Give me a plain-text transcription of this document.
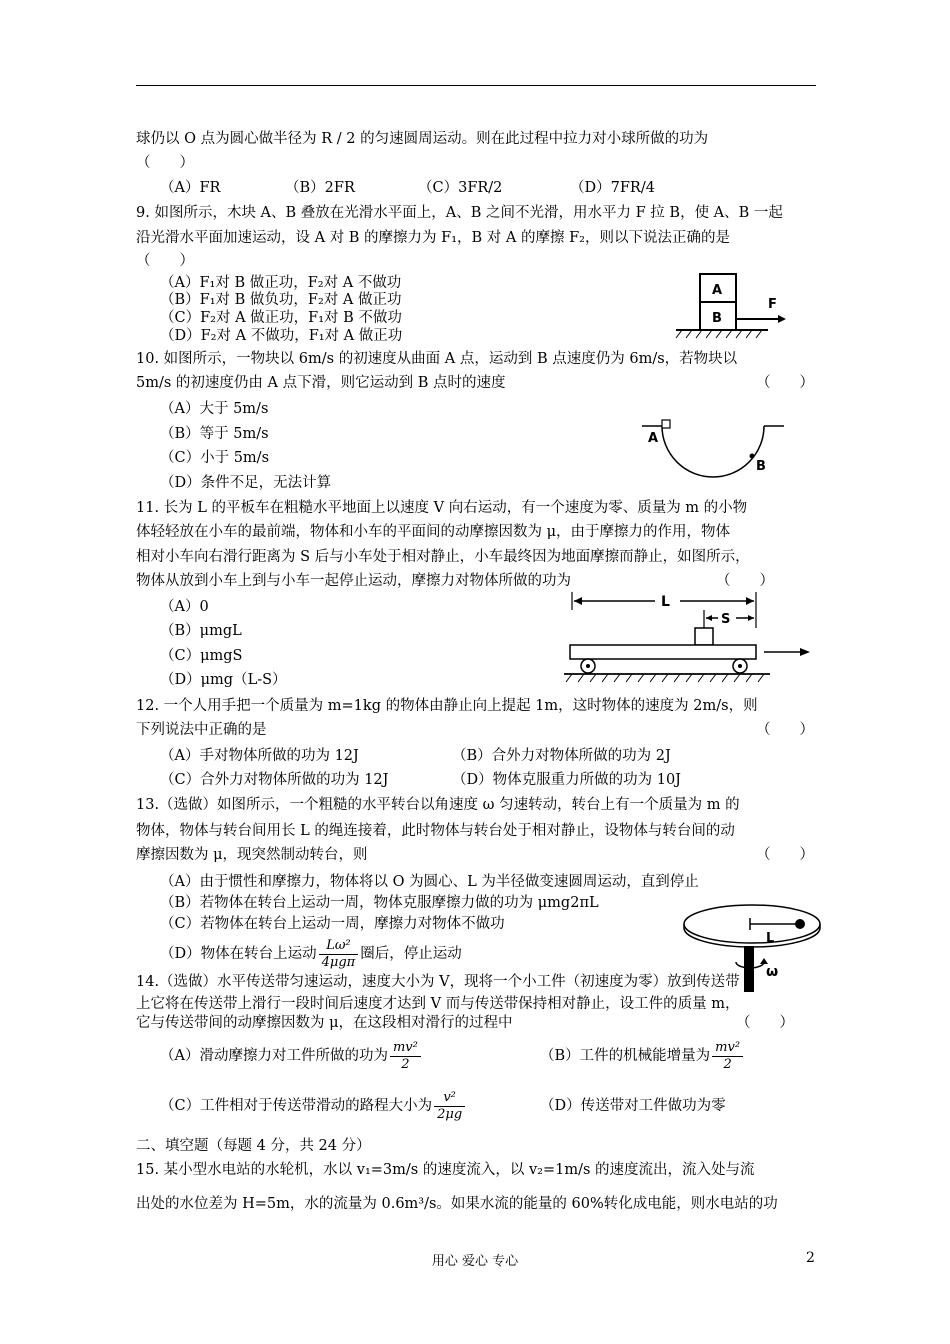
球仍以 O 点为圆心做半径为 R / 2 的匀速圆周运动。则在此过程中拉力对小球所做的功为
（　　）
（A）FR	（B）2FR	（C）3FR/2	（D）7FR/4
9. 如图所示，木块 A、B 叠放在光滑水平面上，A、B 之间不光滑，用水平力 F 拉 B，使 A、B 一起
沿光滑水平面加速运动，设 A 对 B 的摩擦力为 F₁，B 对 A 的摩擦 F₂，则以下说法正确的是
（　　）
（A）F₁对 B 做正功，F₂对 A 不做功
（B）F₁对 B 做负功，F₂对 A 做正功
（C）F₂对 A 做正功，F₁对 B 不做功
（D）F₂对 A 不做功，F₁对 A 做正功
A
B
F
10. 如图所示，一物块以 6m/s 的初速度从曲面 A 点，运动到 B 点速度仍为 6m/s，若物块以
5m/s 的初速度仍由 A 点下滑，则它运动到 B 点时的速度	（　　）
（A）大于 5m/s
（B）等于 5m/s
（C）小于 5m/s
（D）条件不足，无法计算
A
B
11. 长为 L 的平板车在粗糙水平地面上以速度 V 向右运动，有一个速度为零、质量为 m 的小物
体轻轻放在小车的最前端，物体和小车的平面间的动摩擦因数为 μ，由于摩擦力的作用，物体
相对小车向右滑行距离为 S 后与小车处于相对静止，小车最终因为地面摩擦而静止，如图所示，
物体从放到小车上到与小车一起停止运动，摩擦力对物体所做的功为	（　　）
（A）0
（B）μmgL
（C）μmgS
（D）μmg（L-S）
L
S
12. 一个人用手把一个质量为 m=1kg 的物体由静止向上提起 1m，这时物体的速度为 2m/s，则
下列说法中正确的是	（　　）
（A）手对物体所做的功为 12J	（B）合外力对物体所做的功为 2J
（C）合外力对物体所做的功为 12J	（D）物体克服重力所做的功为 10J
13.（选做）如图所示，一个粗糙的水平转台以角速度 ω 匀速转动，转台上有一个质量为 m 的
物体，物体与转台间用长 L 的绳连接着，此时物体与转台处于相对静止，设物体与转台间的动
摩擦因数为 μ，现突然制动转台，则	（　　）
（A）由于惯性和摩擦力，物体将以 O 为圆心、L 为半径做变速圆周运动，直到停止
（B）若物体在转台上运动一周，物体克服摩擦力做的功为 μmg2πL
（C）若物体在转台上运动一周，摩擦力对物体不做功
（D）物体在转台上运动 $\frac{\text{Lω²}}{\text{4μgπ}}$ 圈后，停止运动
L
ω
14.（选做）水平传送带匀速运动，速度大小为 V，现将一个小工件（初速度为零）放到传送带
上它将在传送带上滑行一段时间后速度才达到 V 而与传送带保持相对静止，设工件的质量 m，
它与传送带间的动摩擦因数为 μ，在这段相对滑行的过程中	（　　）
（A）滑动摩擦力对工件所做的功为 $\frac{\text{mv²}}{2}$	（B）工件的机械能增量为 $\frac{\text{mv²}}{2}$
（C）工件相对于传送带滑动的路程大小为 $\frac{\text{v²}}{2\mu g}$	（D）传送带对工件做功为零
二、填空题（每题 4 分，共 24 分）
15. 某小型水电站的水轮机，水以 v₁=3m/s 的速度流入，以 v₂=1m/s 的速度流出，流入处与流
出处的水位差为 H=5m，水的流量为 0.6m³/s。如果水流的能量的 60%转化成电能，则水电站的功
用心 爱心 专心	2
